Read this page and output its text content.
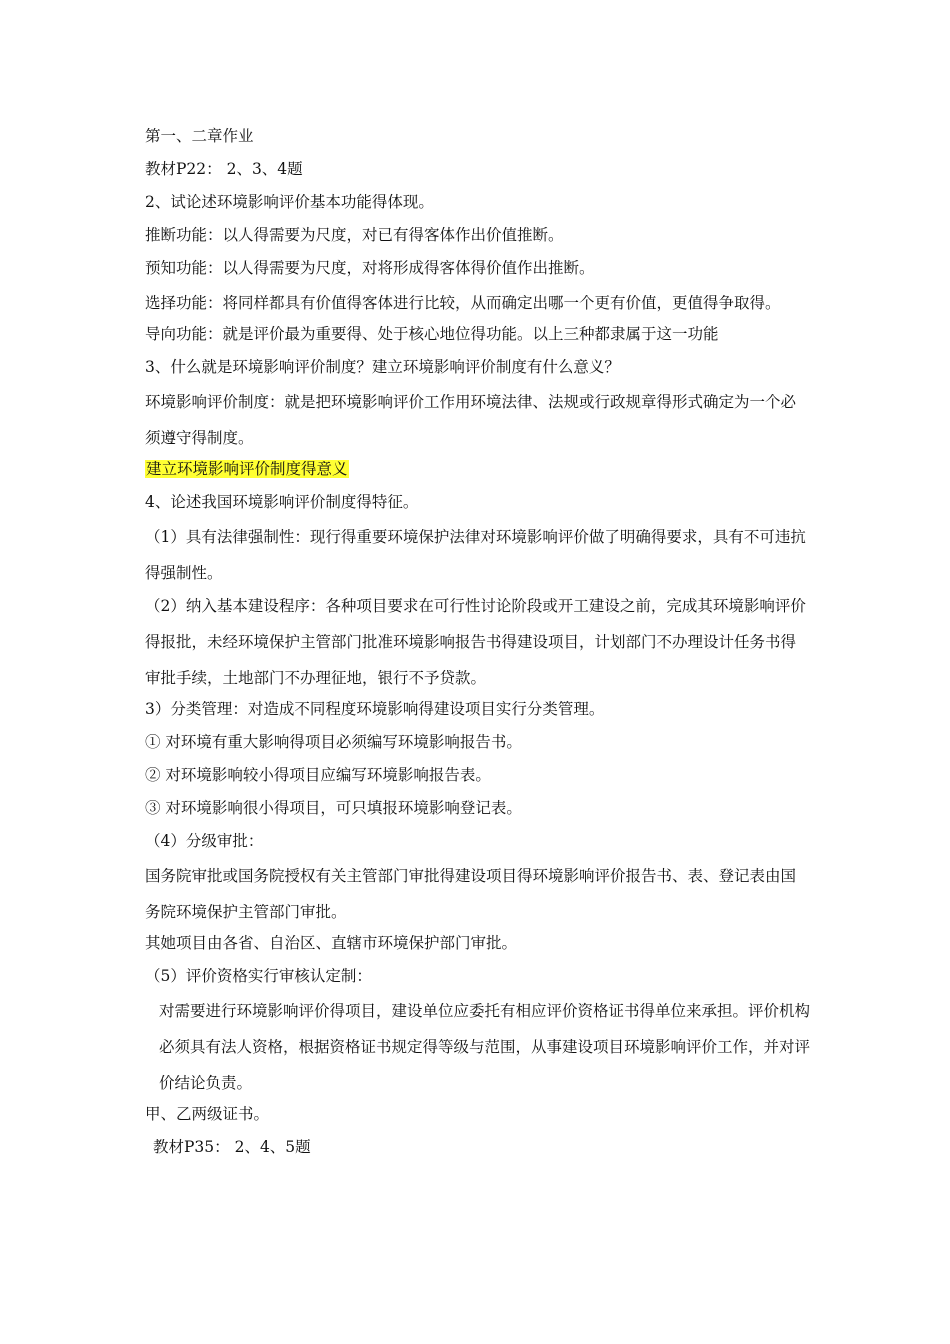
第一、二章作业
教材P22： 2、3、4题
2、试论述环境影响评价基本功能得体现。
推断功能：以人得需要为尺度，对已有得客体作出价值推断。
预知功能：以人得需要为尺度，对将形成得客体得价值作出推断。
选择功能：将同样都具有价值得客体进行比较，从而确定出哪一个更有价值，更值得争取得。
导向功能：就是评价最为重要得、处于核心地位得功能。以上三种都隶属于这一功能
3、什么就是环境影响评价制度？建立环境影响评价制度有什么意义？
环境影响评价制度：就是把环境影响评价工作用环境法律、法规或行政规章得形式确定为一个必须遵守得制度。
建立环境影响评价制度得意义
4、论述我国环境影响评价制度得特征。
（1）具有法律强制性：现行得重要环境保护法律对环境影响评价做了明确得要求，具有不可违抗得强制性。
（2）纳入基本建设程序：各种项目要求在可行性讨论阶段或开工建设之前，完成其环境影响评价得报批，未经环境保护主管部门批准环境影响报告书得建设项目，计划部门不办理设计任务书得审批手续，土地部门不办理征地，银行不予贷款。
3）分类管理：对造成不同程度环境影响得建设项目实行分类管理。
① 对环境有重大影响得项目必须编写环境影响报告书。
② 对环境影响较小得项目应编写环境影响报告表。
③ 对环境影响很小得项目，可只填报环境影响登记表。
（4）分级审批：
国务院审批或国务院授权有关主管部门审批得建设项目得环境影响评价报告书、表、登记表由国务院环境保护主管部门审批。
其她项目由各省、自治区、直辖市环境保护部门审批。
（5）评价资格实行审核认定制：
对需要进行环境影响评价得项目，建设单位应委托有相应评价资格证书得单位来承担。评价机构必须具有法人资格，根据资格证书规定得等级与范围，从事建设项目环境影响评价工作，并对评价结论负责。
甲、乙两级证书。
教材P35： 2、4、5题
